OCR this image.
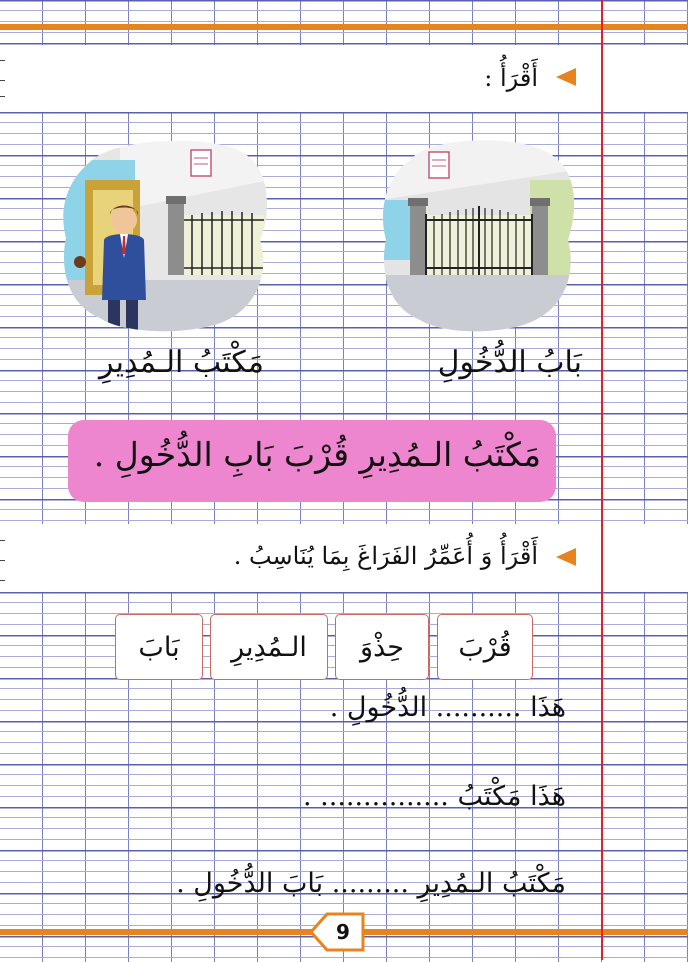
أَقْرَأُ :
بَابُ الدُّخُولِ
مَكْتَبُ الـمُدِيرِ
مَكْتَبُ الـمُدِيرِ قُرْبَ بَابِ الدُّخُولِ .
أَقْرَأُ وَ أُعَمِّرُ الفَرَاغَ بِمَا يُنَاسِبُ .
قُرْبَ
حِذْوَ
الـمُدِيرِ
بَابَ
هَذَا .......... الدُّخُولِ .
هَذَا مَكْتَبُ ............... .
مَكْتَبُ الـمُدِيرِ ......... بَابَ الدُّخُولِ .
9
